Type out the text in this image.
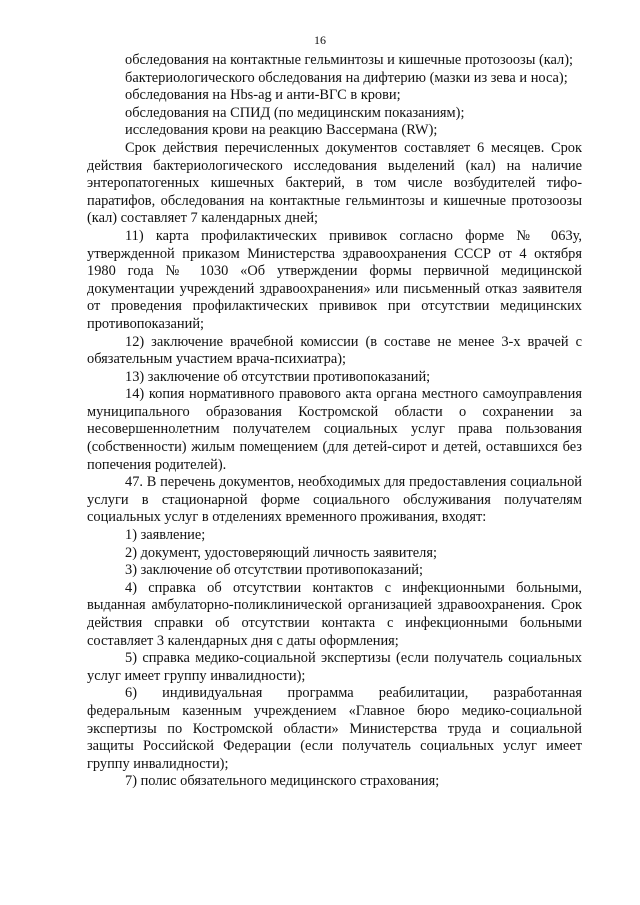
16

обследования на контактные гельминтозы и кишечные протозоозы (кал);

бактериологического обследования на дифтерию (мазки из зева и носа);

обследования на Hbs-ag и анти-ВГС в крови;

обследования на СПИД (по медицинским показаниям);

исследования крови на реакцию Вассермана (RW);

Срок действия перечисленных документов составляет 6 месяцев. Срок действия бактериологического исследования выделений (кал) на наличие энтеропатогенных кишечных бактерий, в том числе возбудителей тифо-паратифов, обследования на контактные гельминтозы и кишечные протозоозы (кал) составляет 7 календарных дней;

11) карта профилактических прививок согласно форме № 063у, утвержденной приказом Министерства здравоохранения СССР от 4 октября 1980 года № 1030 «Об утверждении формы первичной медицинской документации учреждений здравоохранения» или письменный отказ заявителя от проведения профилактических прививок при отсутствии медицинских противопоказаний;

12) заключение врачебной комиссии (в составе не менее 3-х врачей с обязательным участием врача-психиатра);

13) заключение об отсутствии противопоказаний;

14) копия нормативного правового акта органа местного самоуправления муниципального образования Костромской области о сохранении за несовершеннолетним получателем социальных услуг права пользования (собственности) жилым помещением (для детей-сирот и детей, оставшихся без попечения родителей).

47. В перечень документов, необходимых для предоставления социальной услуги в стационарной форме социального обслуживания получателям социальных услуг в отделениях временного проживания, входят:

1) заявление;

2) документ, удостоверяющий личность заявителя;

3) заключение об отсутствии противопоказаний;

4) справка об отсутствии контактов с инфекционными больными, выданная амбулаторно-поликлинической организацией здравоохранения. Срок действия справки об отсутствии контакта с инфекционными больными составляет 3 календарных дня с даты оформления;

5) справка медико-социальной экспертизы (если получатель социальных услуг имеет группу инвалидности);

6) индивидуальная программа реабилитации, разработанная федеральным казенным учреждением «Главное бюро медико-социальной экспертизы по Костромской области» Министерства труда и социальной защиты Российской Федерации (если получатель социальных услуг имеет группу инвалидности);

7) полис обязательного медицинского страхования;
